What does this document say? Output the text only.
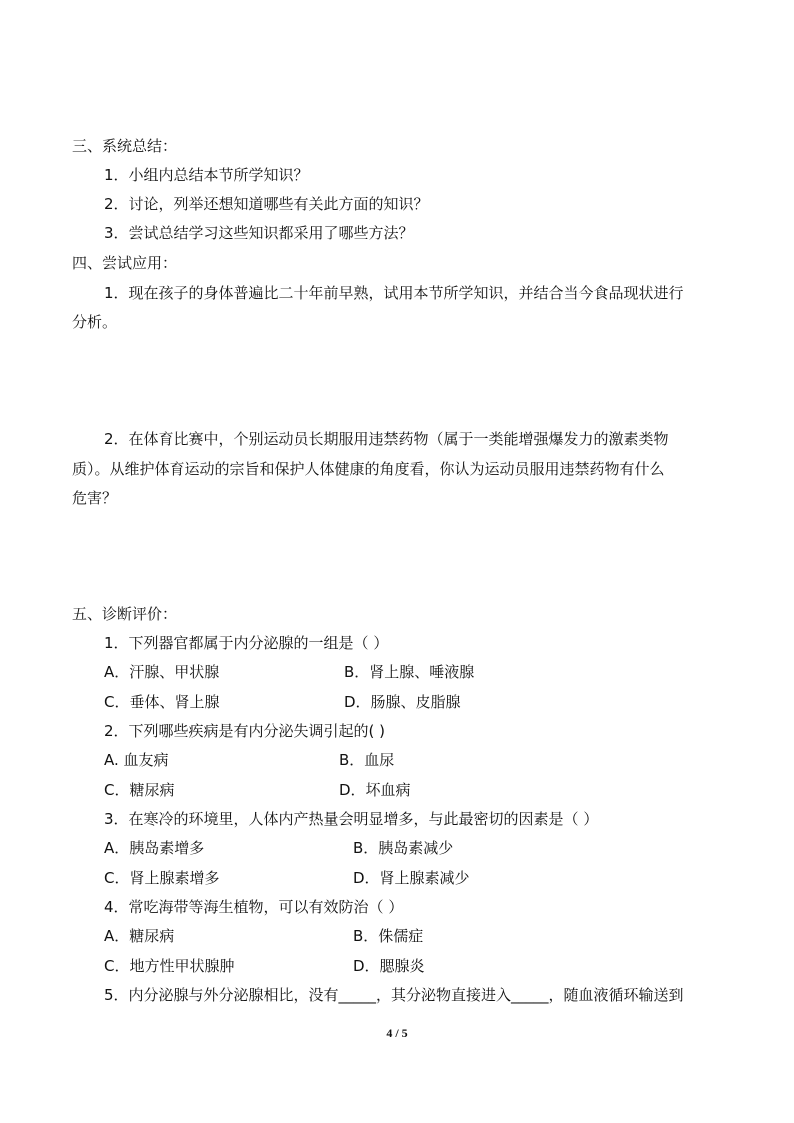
三、系统总结：
1．小组内总结本节所学知识？
2．讨论，列举还想知道哪些有关此方面的知识？
3．尝试总结学习这些知识都采用了哪些方法？
四、尝试应用：
1．现在孩子的身体普遍比二十年前早熟，试用本节所学知识，并结合当今食品现状进行
分析。
2．在体育比赛中，个别运动员长期服用违禁药物（属于一类能增强爆发力的激素类物
质）。从维护体育运动的宗旨和保护人体健康的角度看，你认为运动员服用违禁药物有什么
危害？
五、诊断评价：
1．下列器官都属于内分泌腺的一组是（ ）
A．汗腺、甲状腺	B．肾上腺、唾液腺
C．垂体、肾上腺	D．肠腺、皮脂腺
2．下列哪些疾病是有内分泌失调引起的( )
A. 血友病	B．血尿
C．糖尿病	D．坏血病
3．在寒冷的环境里，人体内产热量会明显增多，与此最密切的因素是（ ）
A．胰岛素增多	B．胰岛素减少
C．肾上腺素增多	D．肾上腺素减少
4．常吃海带等海生植物，可以有效防治（ ）
A．糖尿病	B．侏儒症
C．地方性甲状腺肿	D．腮腺炎
5．内分泌腺与外分泌腺相比，没有_____，其分泌物直接进入_____，随血液循环输送到
4 / 5
